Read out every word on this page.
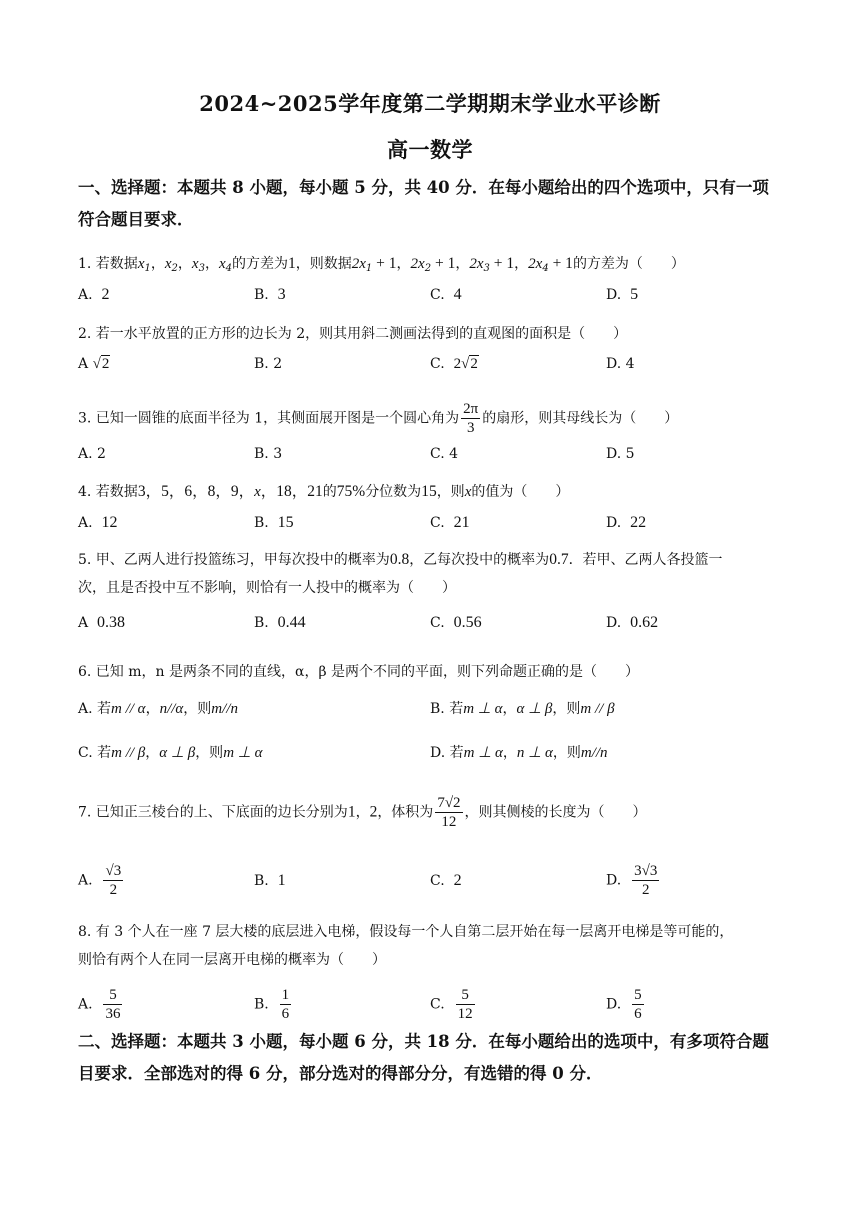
2024~2025学年度第二学期期末学业水平诊断
高一数学
一、选择题：本题共 8 小题，每小题 5 分，共 40 分．在每小题给出的四个选项中，只有一项
符合题目要求．
1. 若数据$x_1$，$x_2$，$x_3$，$x_4$的方差为1，则数据$2x_1 + 1$，$2x_2 + 1$，$2x_3 + 1$，$2x_4 + 1$的方差为（　　）
A. 2	B. 3	C. 4	D. 5
2. 若一水平放置的正方形的边长为 2，则其用斜二测画法得到的直观图的面积是（　　）
A √2	B. 2	C. 2√2	D. 4
3. 已知一圆锥的底面半径为 1，其侧面展开图是一个圆心角为 $\frac{2\pi}{3}$ 的扇形，则其母线长为（　　）
A. 2	B. 3	C. 4	D. 5
4. 若数据3，5，6，8，9，x，18，21的75%分位数为15，则x的值为（　　）
A. 12	B. 15	C. 21	D. 22
5. 甲、乙两人进行投篮练习，甲每次投中的概率为0.8，乙每次投中的概率为0.7．若甲、乙两人各投篮一
次，且是否投中互不影响，则恰有一人投中的概率为（　　）
A 0.38	B. 0.44	C. 0.56	D. 0.62
6. 已知 m，n 是两条不同的直线，α，β 是两个不同的平面，则下列命题正确的是（　　）
A. 若m // α，n//α，则m//n	B. 若m ⊥ α，α ⊥ β，则m // β
C. 若m // β，α ⊥ β，则m ⊥ α	D. 若m ⊥ α，n ⊥ α，则m//n
7. 已知正三棱台的上、下底面的边长分别为1，2，体积为 $\frac{7√2}{12}$ ，则其侧棱的长度为（　　）
A. $\frac{√3}{2}$	B. 1	C. 2	D. $\frac{3√3}{2}$
8. 有 3 个人在一座 7 层大楼的底层进入电梯，假设每一个人自第二层开始在每一层离开电梯是等可能的，
则恰有两个人在同一层离开电梯的概率为（　　）
A. $\frac{5}{36}$	B. $\frac{1}{6}$	C. $\frac{5}{12}$	D. $\frac{5}{6}$
二、选择题：本题共 3 小题，每小题 6 分，共 18 分．在每小题给出的选项中，有多项符合题
目要求．全部选对的得 6 分，部分选对的得部分分，有选错的得 0 分．
